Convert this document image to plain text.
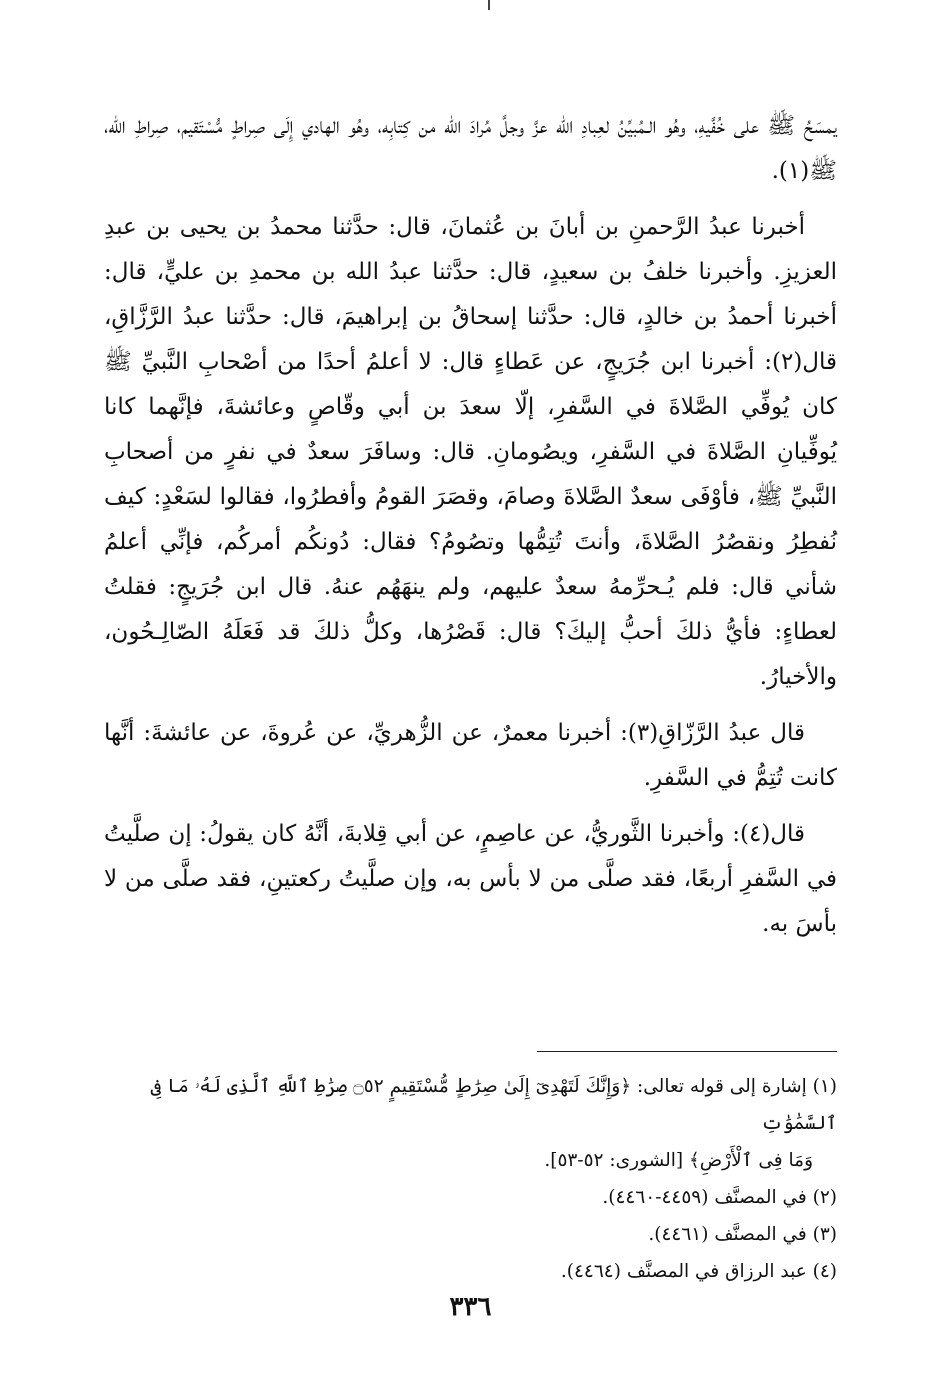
يمسَحُ ﷺ على خُفَّيهِ، وهُو الـمُبيِّنُ لعِبادِ الله عزَّ وجلَّ مُرادَ الله من كِتابِه، وهُو الهادي إِلَى صِراطٍ مُّسْتَقيم، صِراطِ الله، ﷺ(١).

أخبرنا عبدُ الرَّحمنِ بن أبانَ بن عُثمانَ، قال: حدَّثنا محمدُ بن يحيى بن عبدِ العزيزِ. وأخبرنا خلفُ بن سعيدٍ، قال: حدَّثنا عبدُ الله بن محمدِ بن عليٍّ، قال: أخبرنا أحمدُ بن خالدٍ، قال: حدَّثنا إسحاقُ بن إبراهيمَ، قال: حدَّثنا عبدُ الرَّزَّاقِ، قال(٢): أخبرنا ابن جُرَيجٍ، عن عَطاءٍ قال: لا أعلمُ أحدًا من أصْحابِ النَّبيِّ ﷺ كان يُوفِّي الصَّلاةَ في السَّفرِ، إلّا سعدَ بن أبي وقّاصٍ وعائشةَ، فإنَّهما كانا يُوفِّيانِ الصَّلاةَ في السَّفرِ، ويصُومانِ. قال: وسافَرَ سعدٌ في نفرٍ من أصحابِ النَّبيِّ ﷺ، فأوْفَى سعدٌ الصَّلاةَ وصامَ، وقصَرَ القومُ وأفطرُوا، فقالوا لسَعْدٍ: كيف نُفطِرُ ونقصُرُ الصَّلاةَ، وأنتَ تُتِمُّها وتصُومُ؟ فقال: دُونكُم أمركُم، فإنِّي أعلمُ شأني قال: فلم يُـحرِّمهُ سعدٌ عليهم، ولم ينهَهُم عنهُ. قال ابن جُرَيجٍ: فقلتُ لعطاءٍ: فأيُّ ذلكَ أحبُّ إليكَ؟ قال: قَصْرُها، وكلُّ ذلكَ قد فَعَلَهُ الصّالِـحُون، والأخيارُ.

قال عبدُ الرَّزّاقِ(٣): أخبرنا معمرٌ، عن الزُّهريِّ، عن عُروةَ، عن عائشةَ: أنَّها كانت تُتِمُّ في السَّفرِ.

قال(٤): وأخبرنا الثَّوريُّ، عن عاصِمٍ، عن أبي قِلابةَ، أنَّهُ كان يقولُ: إن صلَّيتُ في السَّفرِ أربعًا، فقد صلَّى من لا بأس به، وإن صلَّيتُ ركعتينِ، فقد صلَّى من لا بأسَ به.

(١) إشارة إلى قوله تعالى: ﴿وَإِنَّكَ لَتَهْدِىٓ إِلَىٰ صِرَٰطٍ مُّسْتَقِيمٍ ۝٥٢ صِرَٰطِ ٱللَّهِ ٱلَّذِى لَهُۥ مَا فِى ٱلسَّمَٰوَٰتِ

وَمَا فِى ٱلْأَرْضِ﴾ [الشورى: ٥٢-٥٣].

(٢) في المصنَّف (٤٤٥٩-٤٤٦٠).

(٣) في المصنَّف (٤٤٦١).

(٤) عبد الرزاق في المصنَّف (٤٤٦٤).

٣٣٦
